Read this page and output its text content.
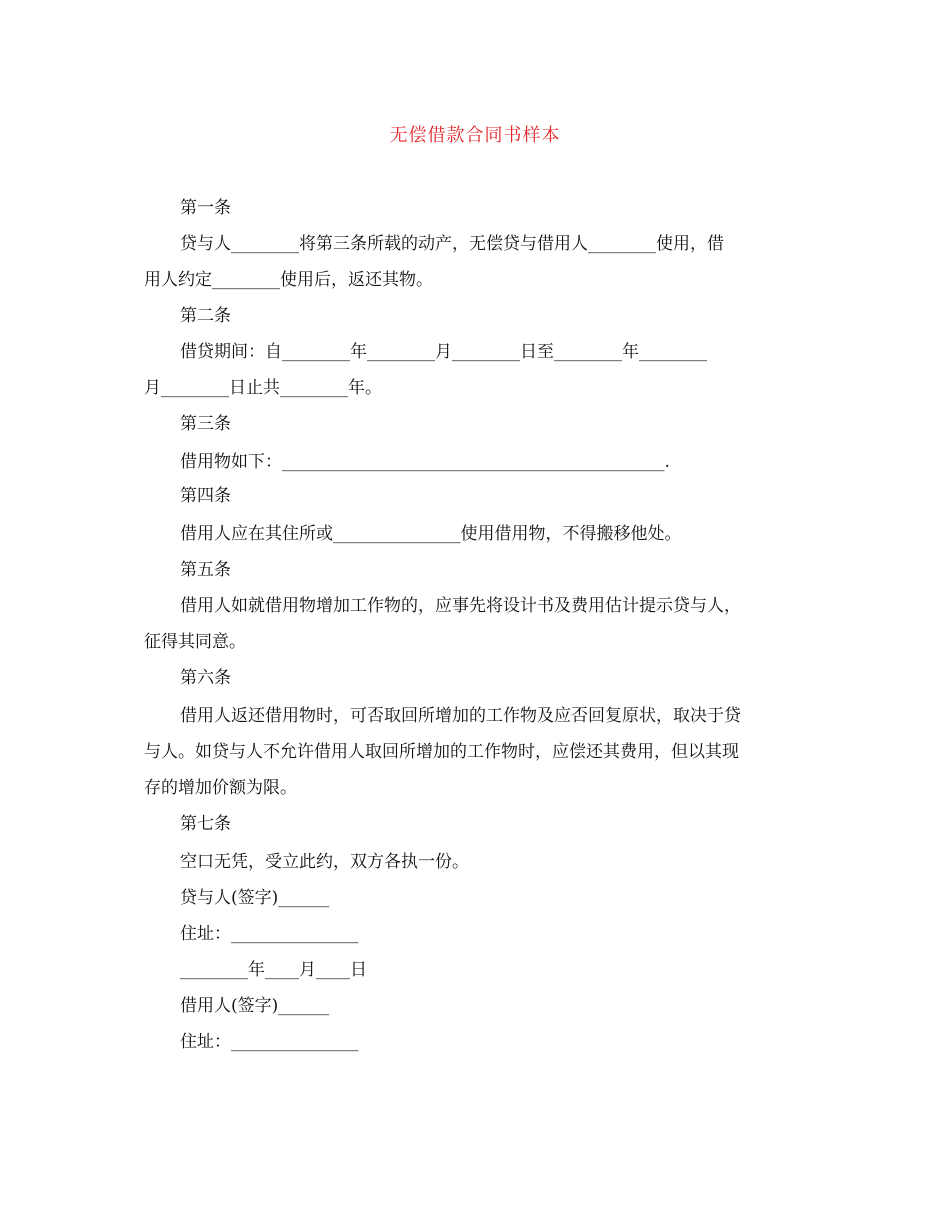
无偿借款合同书样本
第一条
贷与人________将第三条所载的动产，无偿贷与借用人________使用，借
用人约定________使用后，返还其物。
第二条
借贷期间：自________年________月________日至________年________
月________日止共________年。
第三条
借用物如下：_____________________________________________.
第四条
借用人应在其住所或_______________使用借用物，不得搬移他处。
第五条
借用人如就借用物增加工作物的，应事先将设计书及费用估计提示贷与人，
征得其同意。
第六条
借用人返还借用物时，可否取回所增加的工作物及应否回复原状，取决于贷
与人。如贷与人不允许借用人取回所增加的工作物时，应偿还其费用，但以其现
存的增加价额为限。
第七条
空口无凭，受立此约，双方各执一份。
贷与人(签字)______
住址：_______________
________年____月____日
借用人(签字)______
住址：_______________
